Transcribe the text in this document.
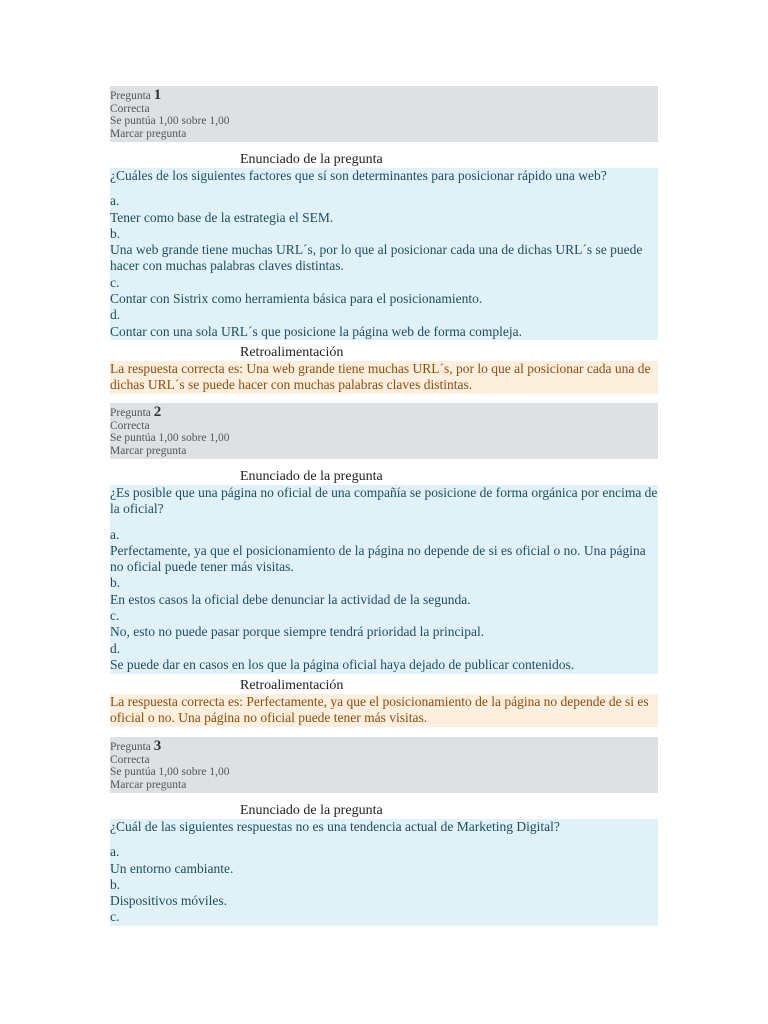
Pregunta 1
Correcta
Se puntúa 1,00 sobre 1,00
Marcar pregunta
Enunciado de la pregunta

¿Cuáles de los siguientes factores que sí son determinantes para posicionar rápido una web?

a.
Tener como base de la estrategia el SEM.
b.
Una web grande tiene muchas URL´s, por lo que al posicionar cada una de dichas URL´s se puede hacer con muchas palabras claves distintas.
c.
Contar con Sistrix como herramienta básica para el posicionamiento.
d.
Contar con una sola URL´s que posicione la página web de forma compleja.
Retroalimentación
La respuesta correcta es: Una web grande tiene muchas URL´s, por lo que al posicionar cada una de dichas URL´s se puede hacer con muchas palabras claves distintas.
Pregunta 2
Correcta
Se puntúa 1,00 sobre 1,00
Marcar pregunta
Enunciado de la pregunta

¿Es posible que una página no oficial de una compañía se posicione de forma orgánica por encima de la oficial?

a.
Perfectamente, ya que el posicionamiento de la página no depende de si es oficial o no. Una página no oficial puede tener más visitas.
b.
En estos casos la oficial debe denunciar la actividad de la segunda.
c.
No, esto no puede pasar porque siempre tendrá prioridad la principal.
d.
Se puede dar en casos en los que la página oficial haya dejado de publicar contenidos.
Retroalimentación
La respuesta correcta es: Perfectamente, ya que el posicionamiento de la página no depende de si es oficial o no. Una página no oficial puede tener más visitas.
Pregunta 3
Correcta
Se puntúa 1,00 sobre 1,00
Marcar pregunta
Enunciado de la pregunta

¿Cuál de las siguientes respuestas no es una tendencia actual de Marketing Digital?

a.
Un entorno cambiante.
b.
Dispositivos móviles.
c.
